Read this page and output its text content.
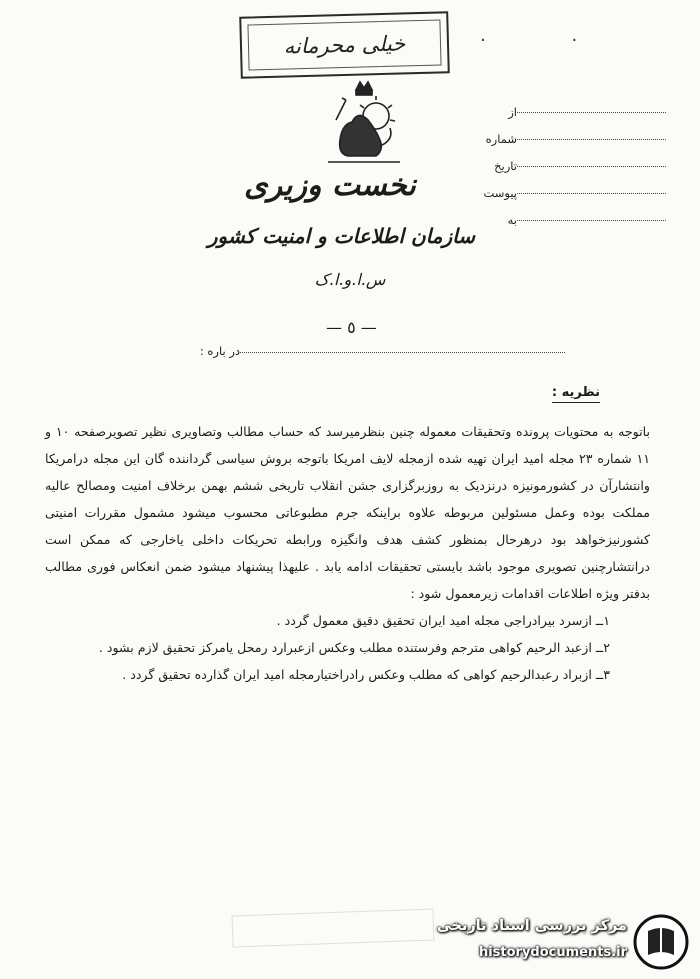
خیلی محرمانه	· ·
نخست وزیری
سازمان اطلاعات و امنیت کشور
س.ا.و.ا.ک
از
شماره
تاریخ
پیوست
به
— ٥ —
در باره :
نظریه :

باتوجه به محتویات پرونده وتحقیقات معموله چنین بنظرمیرسد که حساب مطالب وتصاویری نظیر تصویرصفحه ۱۰ و ۱۱ شماره ۲۳ مجله امید ایران تهیه شده ازمجله لایف امریکا باتوجه بروش سیاسی گرداننده گان این مجله درامریکا وانتشارآن در کشورمونیزه درنزدیک به روزبرگزاری جشن انقلاب تاریخی ششم بهمن برخلاف امنیت ومصالح عالیه مملکت بوده وعمل مسئولین مربوطه علاوه براینکه جرم مطبوعاتی محسوب میشود مشمول مقررات امنیتی کشورنیزخواهد بود درهرحال بمنظور کشف هدف وانگیزه ورابطه تحریکات داخلی یاخارجی که ممکن است درانتشارچنین تصویری موجود باشد بایستی تحقیقات ادامه یابد . علیهذا پیشنهاد میشود ضمن انعکاس فوری مطالب بدفتر ویژه اطلاعات اقدامات زیرمعمول شود :

۱ــ ازسرد بیرادراجی مجله امید ایران تحقیق دقیق معمول گردد .

۲ــ ازعبد الرحیم کواهی مترجم وفرستنده مطلب وعکس ازعبرارد رمحل یامرکز تحقیق لازم بشود .

۳ــ ازبراد رعبدالرحیم کواهی که مطلب وعکس رادراختیارمجله امید ایران گذارده تحقیق گردد .

مرکز بررسی اسناد تاریخی
historydocuments.ir
